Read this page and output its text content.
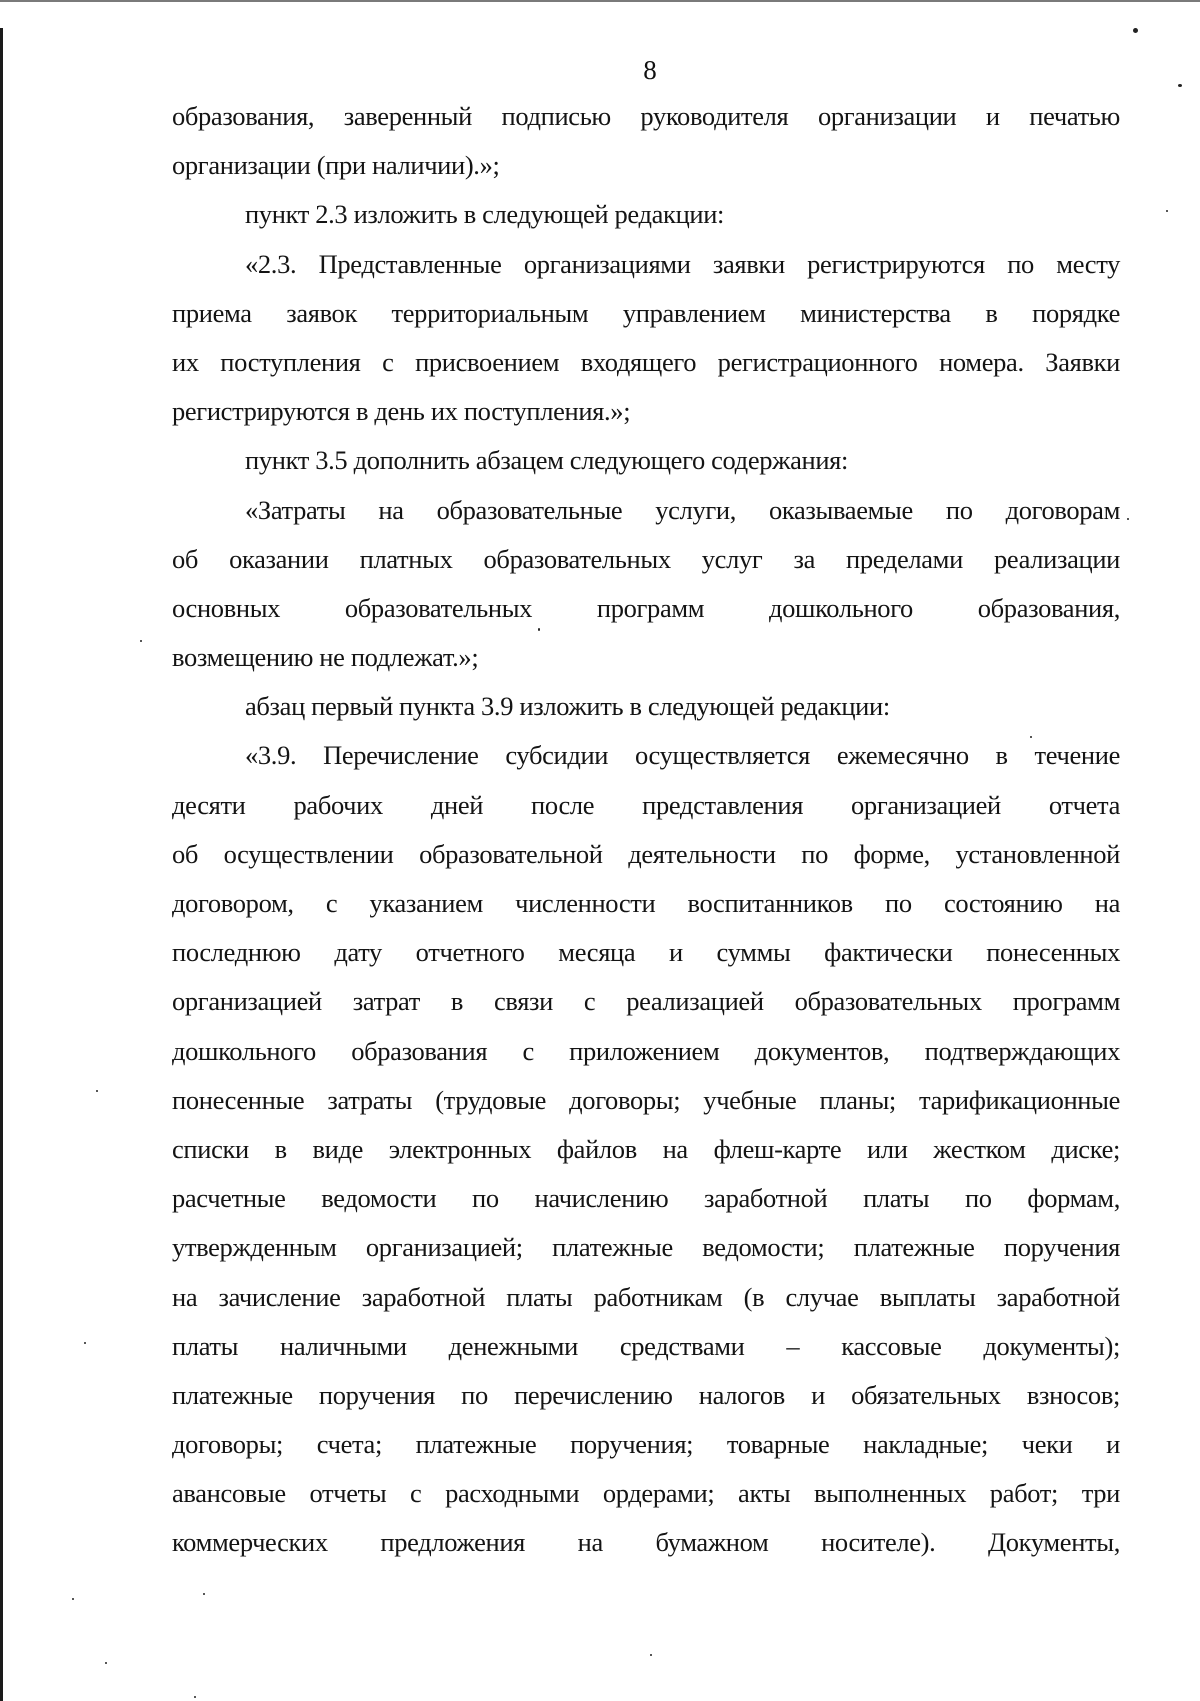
8
образования, заверенный подписью руководителя организации и печатью
организации (при наличии).»;
пункт 2.3 изложить в следующей редакции:
«2.3. Представленные организациями заявки регистрируются по месту
приема заявок территориальным управлением министерства в порядке
их поступления с присвоением входящего регистрационного номера. Заявки
регистрируются в день их поступления.»;
пункт 3.5 дополнить абзацем следующего содержания:
«Затраты на образовательные услуги, оказываемые по договорам
об оказании платных образовательных услуг за пределами реализации
основных образовательных программ дошкольного образования,
возмещению не подлежат.»;
абзац первый пункта 3.9 изложить в следующей редакции:
«3.9. Перечисление субсидии осуществляется ежемесячно в течение
десяти рабочих дней после представления организацией отчета
об осуществлении образовательной деятельности по форме, установленной
договором, с указанием численности воспитанников по состоянию на
последнюю дату отчетного месяца и суммы фактически понесенных
организацией затрат в связи с реализацией образовательных программ
дошкольного образования с приложением документов, подтверждающих
понесенные затраты (трудовые договоры; учебные планы; тарификационные
списки в виде электронных файлов на флеш-карте или жестком диске;
расчетные ведомости по начислению заработной платы по формам,
утвержденным организацией; платежные ведомости; платежные поручения
на зачисление заработной платы работникам (в случае выплаты заработной
платы наличными денежными средствами – кассовые документы);
платежные поручения по перечислению налогов и обязательных взносов;
договоры; счета; платежные поручения; товарные накладные; чеки и
авансовые отчеты с расходными ордерами; акты выполненных работ; три
коммерческих предложения на бумажном носителе). Документы,
